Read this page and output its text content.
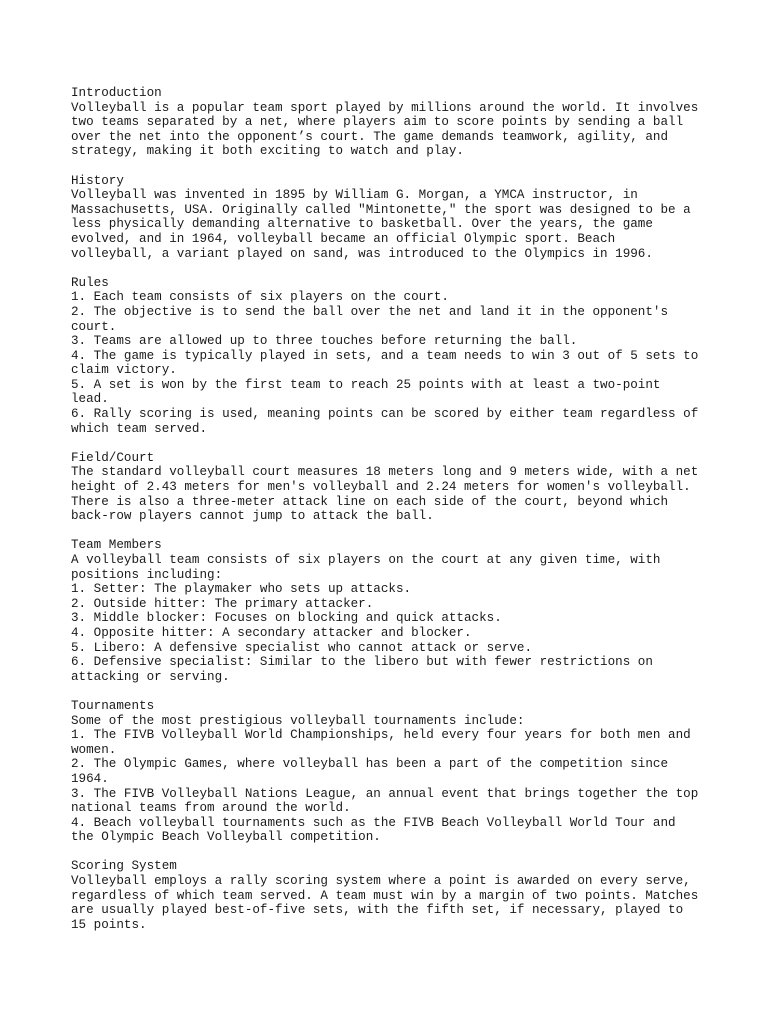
Introduction
Volleyball is a popular team sport played by millions around the world. It involves
two teams separated by a net, where players aim to score points by sending a ball
over the net into the opponent’s court. The game demands teamwork, agility, and
strategy, making it both exciting to watch and play.
History
Volleyball was invented in 1895 by William G. Morgan, a YMCA instructor, in
Massachusetts, USA. Originally called "Mintonette," the sport was designed to be a
less physically demanding alternative to basketball. Over the years, the game
evolved, and in 1964, volleyball became an official Olympic sport. Beach
volleyball, a variant played on sand, was introduced to the Olympics in 1996.
Rules
1. Each team consists of six players on the court.
2. The objective is to send the ball over the net and land it in the opponent's
court.
3. Teams are allowed up to three touches before returning the ball.
4. The game is typically played in sets, and a team needs to win 3 out of 5 sets to
claim victory.
5. A set is won by the first team to reach 25 points with at least a two-point
lead.
6. Rally scoring is used, meaning points can be scored by either team regardless of
which team served.
Field/Court
The standard volleyball court measures 18 meters long and 9 meters wide, with a net
height of 2.43 meters for men's volleyball and 2.24 meters for women's volleyball.
There is also a three-meter attack line on each side of the court, beyond which
back-row players cannot jump to attack the ball.
Team Members
A volleyball team consists of six players on the court at any given time, with
positions including:
1. Setter: The playmaker who sets up attacks.
2. Outside hitter: The primary attacker.
3. Middle blocker: Focuses on blocking and quick attacks.
4. Opposite hitter: A secondary attacker and blocker.
5. Libero: A defensive specialist who cannot attack or serve.
6. Defensive specialist: Similar to the libero but with fewer restrictions on
attacking or serving.
Tournaments
Some of the most prestigious volleyball tournaments include:
1. The FIVB Volleyball World Championships, held every four years for both men and
women.
2. The Olympic Games, where volleyball has been a part of the competition since
1964.
3. The FIVB Volleyball Nations League, an annual event that brings together the top
national teams from around the world.
4. Beach volleyball tournaments such as the FIVB Beach Volleyball World Tour and
the Olympic Beach Volleyball competition.
Scoring System
Volleyball employs a rally scoring system where a point is awarded on every serve,
regardless of which team served. A team must win by a margin of two points. Matches
are usually played best-of-five sets, with the fifth set, if necessary, played to
15 points.
